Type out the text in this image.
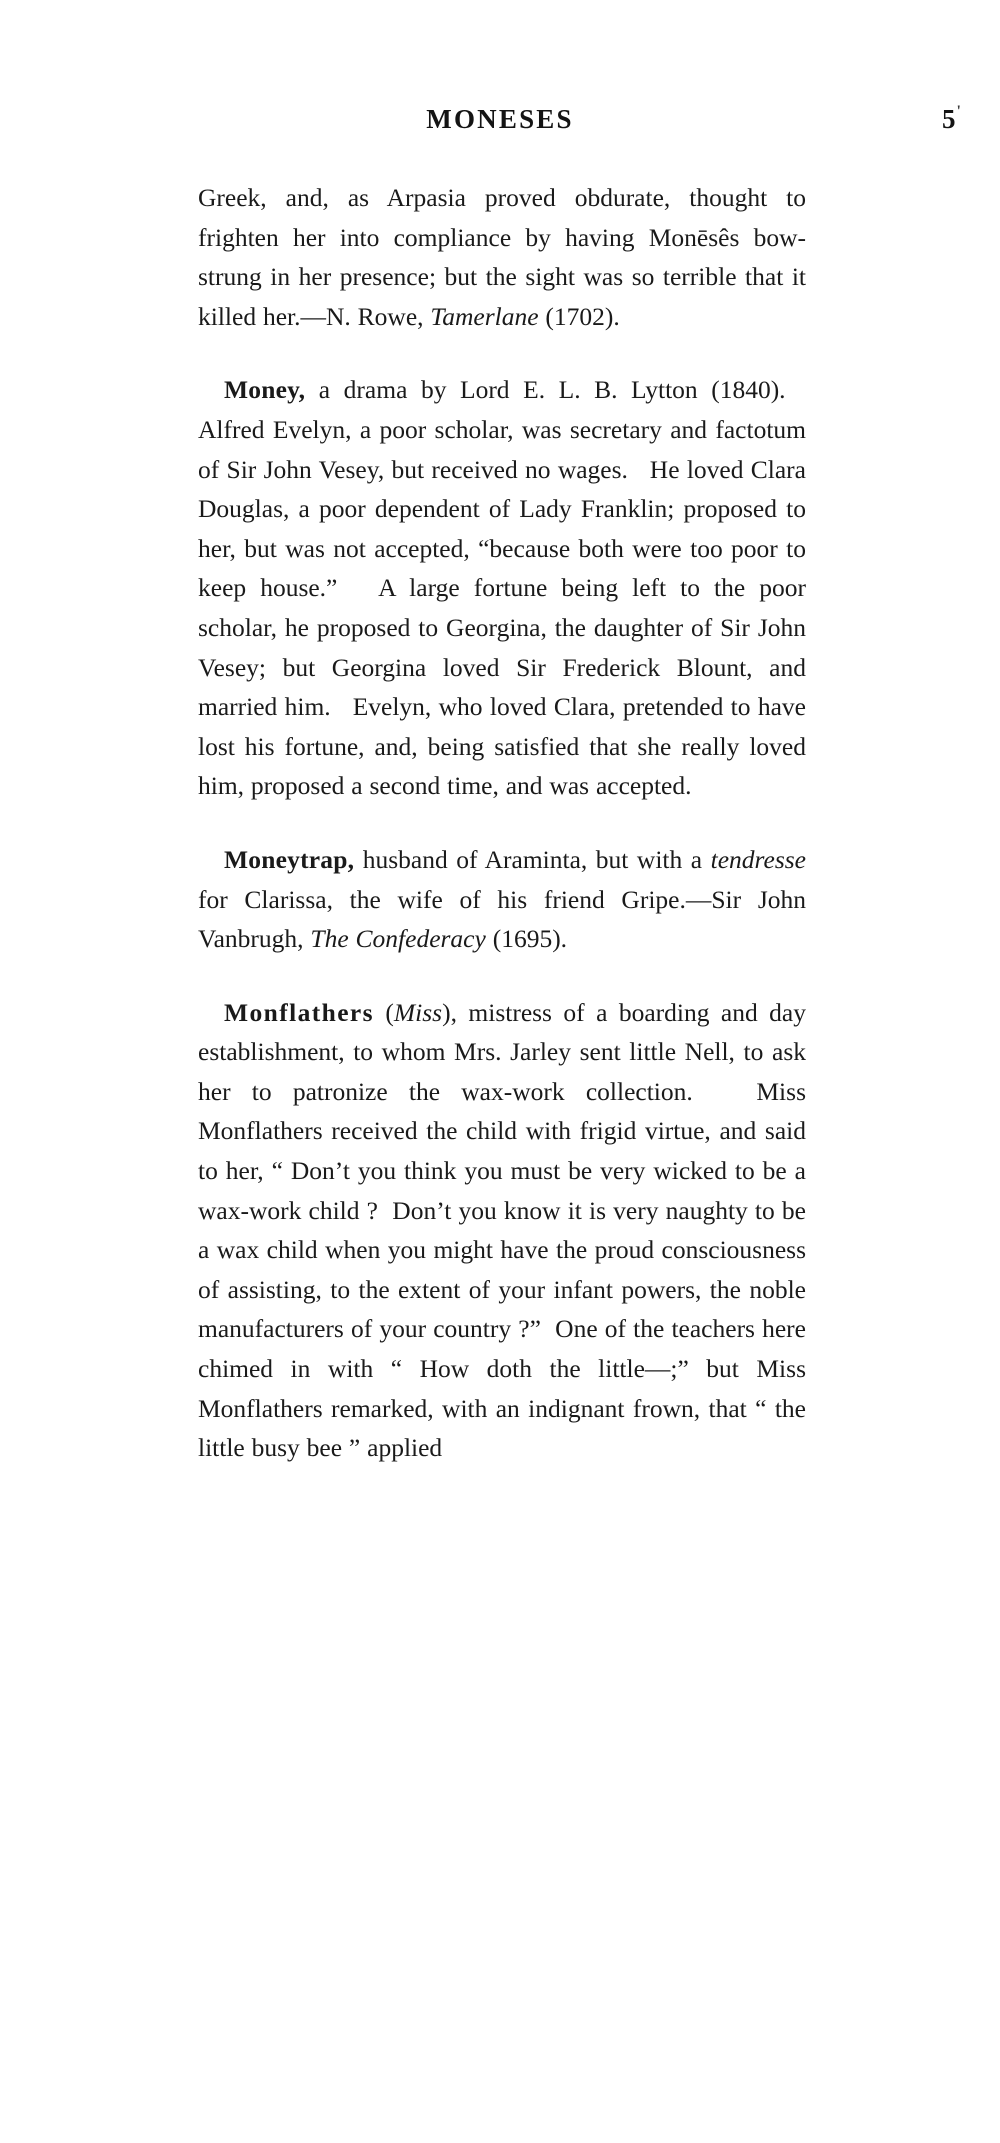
MONESES	5'

Greek, and, as Arpasia proved obdurate, thought to frighten her into compliance by having Monēsês bow-strung in her presence; but the sight was so terrible that it killed her.—N. Rowe, Tamerlane (1702).

Money, a drama by Lord E. L. B. Lytton (1840).   Alfred Evelyn, a poor scholar, was secretary and factotum of Sir John Vesey, but received no wages.   He loved Clara Douglas, a poor dependent of Lady Franklin; proposed to her, but was not accepted, “because both were too poor to keep house.”   A large fortune being left to the poor scholar, he proposed to Georgina, the daughter of Sir John Vesey; but Georgina loved Sir Frederick Blount, and married him.   Evelyn, who loved Clara, pretended to have lost his fortune, and, being satisfied that she really loved him, proposed a second time, and was accepted.

Moneytrap, husband of Araminta, but with a tendresse for Clarissa, the wife of his friend Gripe.—Sir John Vanbrugh, The Confederacy (1695).

Monflathers (Miss), mistress of a boarding and day establishment, to whom Mrs. Jarley sent little Nell, to ask her to patronize the wax-work collection.   Miss Monflathers received the child with frigid virtue, and said to her, “ Don’t you think you must be very wicked to be a wax-work child ?  Don’t you know it is very naughty to be a wax child when you might have the proud consciousness of assisting, to the extent of your infant powers, the noble manufacturers of your country ?”  One of the teachers here chimed in with “ How doth the little—;” but Miss Monflathers remarked, with an indignant frown, that “ the little busy bee ” applied
